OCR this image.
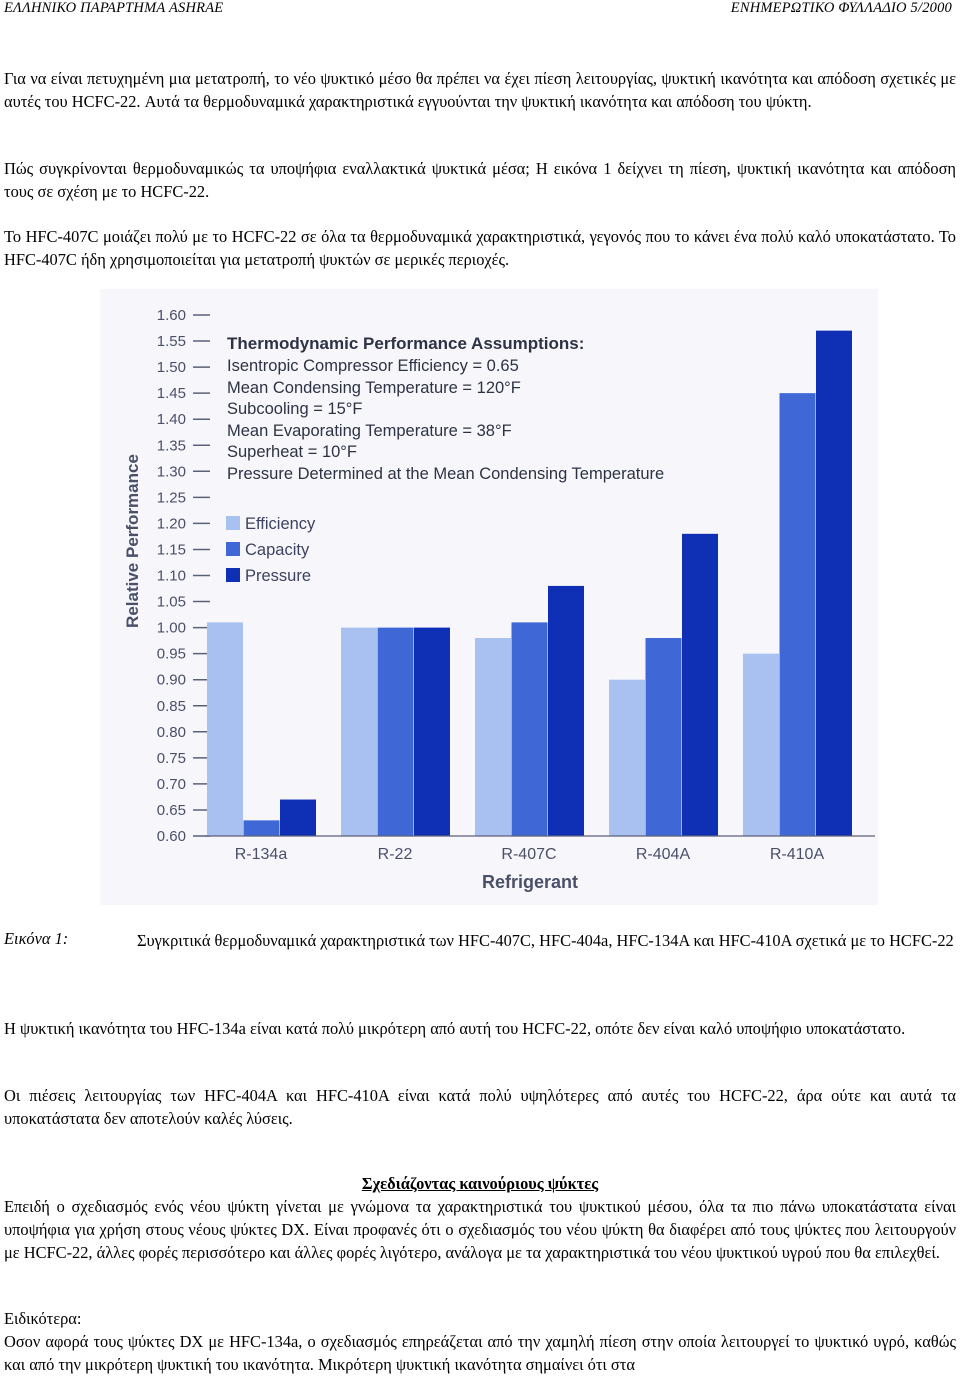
ΕΛΛΗΝΙΚΟ ΠΑΡΑΡΤΗΜΑ ASHRAE	ΕΝΗΜΕΡΩΤΙΚΟ ΦΥΛΛΑΔΙΟ 5/2000

Για να είναι πετυχημένη μια μετατροπή, το νέο ψυκτικό μέσο θα πρέπει να έχει πίεση λειτουργίας, ψυκτική ικανότητα και απόδοση σχετικές με αυτές του HCFC-22. Αυτά τα θερμοδυναμικά χαρακτηριστικά εγγυούνται την ψυκτική ικανότητα και απόδοση του ψύκτη.

Πώς συγκρίνονται θερμοδυναμικώς τα υποψήφια εναλλακτικά ψυκτικά μέσα; Η εικόνα 1 δείχνει τη πίεση, ψυκτική ικανότητα και απόδοση τους σε σχέση με το HCFC-22.

Το HFC-407C μοιάζει πολύ με το HCFC-22 σε όλα τα θερμοδυναμικά χαρακτηριστικά, γεγονός που το κάνει ένα πολύ καλό υποκατάστατο. Το HFC-407C ήδη χρησιμοποιείται για μετατροπή ψυκτών σε μερικές περιοχές.

1.60
1.55
1.50
1.45
1.40
1.35
1.30
1.25
1.20
1.15
1.10
1.05
1.00
0.95
0.90
0.85
0.80
0.75
0.70
0.65
0.60
R-134a	R-22	R-407C	R-404A	R-410A
Relative Performance
Refrigerant
Thermodynamic Performance Assumptions:
Isentropic Compressor Efficiency = 0.65
Mean Condensing Temperature = 120°F
Subcooling = 15°F
Mean Evaporating Temperature = 38°F
Superheat = 10°F
Pressure Determined at the Mean Condensing Temperature
Efficiency
Capacity
Pressure
Εικόνα 1:	Συγκριτικά θερμοδυναμικά χαρακτηριστικά των HFC-407C, HFC-404a, HFC-134A και HFC-410A σχετικά με το HCFC-22

Η ψυκτική ικανότητα του HFC-134a είναι κατά πολύ μικρότερη από αυτή του HCFC-22, οπότε δεν είναι καλό υποψήφιο υποκατάστατο.

Οι πιέσεις λειτουργίας των HFC-404A και HFC-410A είναι κατά πολύ υψηλότερες από αυτές του HCFC-22, άρα ούτε και αυτά τα υποκατάστατα δεν αποτελούν καλές λύσεις.

Σχεδιάζοντας καινούριους ψύκτες

Επειδή ο σχεδιασμός ενός νέου ψύκτη γίνεται με γνώμονα τα χαρακτηριστικά του ψυκτικού μέσου, όλα τα πιο πάνω υποκατάστατα είναι υποψήφια για χρήση στους νέους ψύκτες DX. Είναι προφανές ότι ο σχεδιασμός του νέου ψύκτη θα διαφέρει από τους ψύκτες που λειτουργούν με HCFC-22, άλλες φορές περισσότερο και άλλες φορές λιγότερο, ανάλογα με τα χαρακτηριστικά του νέου ψυκτικού υγρού που θα επιλεχθεί.

Ειδικότερα:

Οσον αφορά τους ψύκτες DX με HFC-134a, ο σχεδιασμός επηρεάζεται από την χαμηλή πίεση στην οποία λειτουργεί το ψυκτικό υγρό, καθώς και από την μικρότερη ψυκτική του ικανότητα. Μικρότερη ψυκτική ικανότητα σημαίνει ότι στα
